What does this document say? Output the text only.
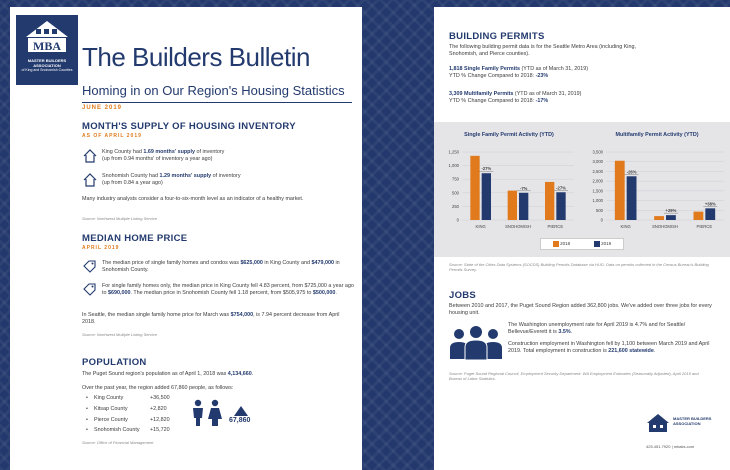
MBA
MASTER BUILDERS
ASSOCIATION
of King and Snohomish Counties The Builders Bulletin
Homing in on Our Region's Housing Statistics
JUNE 2019
MONTH'S SUPPLY OF HOUSING INVENTORY
AS OF APRIL 2019
King County had 1.69 months' supply of inventory
(up from 0.94 months' of inventory a year ago)
Snohomish County had 1.29 months' supply of inventory
(up from 0.84 a year ago)
Many industry analysts consider a four-to-six-month level as an indicator of a healthy market.
Source: Northwest Multiple Listing Service
MEDIAN HOME PRICE
APRIL 2019
The median price of single family homes and condos was $625,000 in King County and $479,000 in Snohomish County.
For single family homes only, the median price in King County fell 4.83 percent, from $725,000 a year ago to $690,000. The median price in Snohomish County fell 1.18 percent, from $505,975 to $500,000.
In Seattle, the median single family home price for March was $754,000, is 7.94 percent decrease from April 2018.
Source: Northwest Multiple Listing Service
POPULATION
The Puget Sound region's population as of April 1, 2018 was 4,134,660.
Over the past year, the region added 67,860 people, as follows:
•	King County	+36,500
•	Kitsap County	+2,820
•	Pierce County	+12,820
•	Snohomish County	+15,720
67,860
Source: Office of Financial Management
BUILDING PERMITS
The following building permit data is for the Seattle Metro Area (including King, Snohomish, and Pierce counties).
1,818 Single Family Permits (YTD as of March 31, 2019)
YTD % Change Compared to 2018: -23%
3,309 Multifamily Permits (YTD as of March 31, 2019)
YTD % Change Compared to 2018: -17%
Single Family Permit Activity (YTD)	Multifamily Permit Activity (YTD)
0
250
500
750
1,000
1,250
-27%
KING
-7%
SNOHOMISH
-27%
PIERCE
0
500
1,000
1,500
2,000
2,500
3,000
3,500
-26%
KING
+29%
SNOHOMISH
+38%
PIERCE
2018	2019
Source: State of the Cities Data Systems (SOCDS) Building Permits Database via HUD. Data on permits collected in the Census Bureau's Building Permits Survey.
JOBS
Between 2010 and 2017, the Puget Sound Region added 362,800 jobs. We've added over three jobs for every housing unit.
The Washington unemployment rate for April 2019 is 4.7% and for Seattle/ Bellevue/Everett it is 3.5%.
Construction employment in Washington fell by 1,100 between March 2019 and April 2019. Total employment in construction is 221,600 statewide.
Source: Puget Sound Regional Council, Employment Security Department: WA Employment Estimates (Seasonally Adjusted), April 2019 and Bureau of Labor Statistics.
MASTER BUILDERS
ASSOCIATION
425.451.7920 | mbaks.com
